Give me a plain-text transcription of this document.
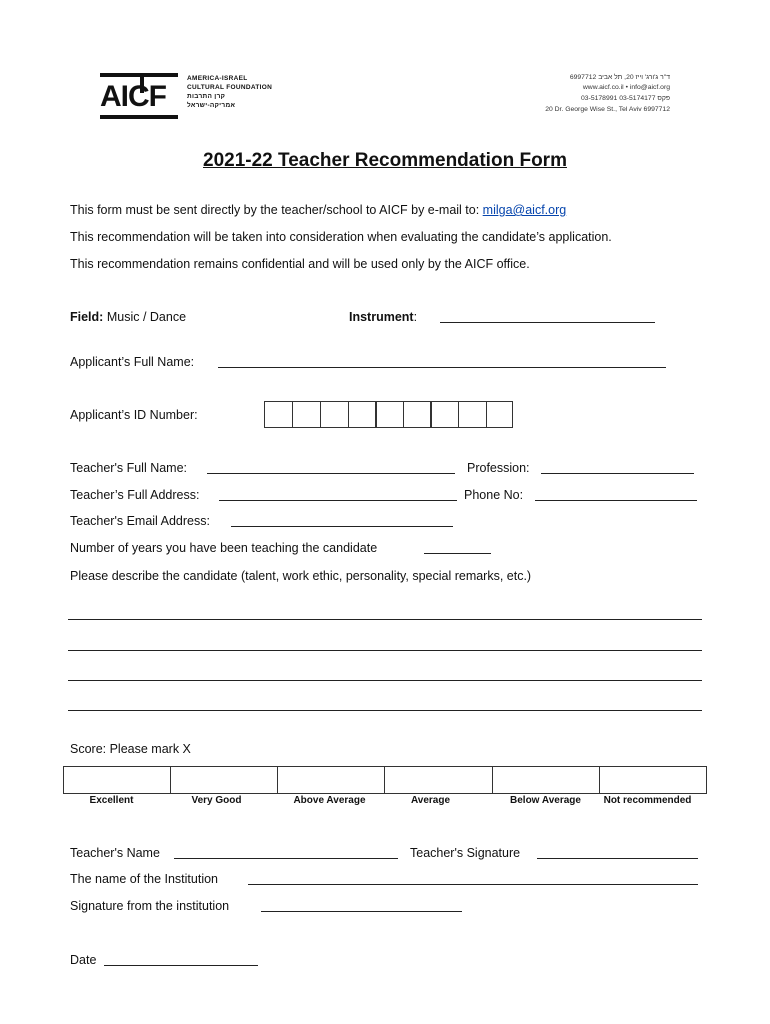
AICF
AMERICA-ISRAEL
CULTURAL FOUNDATION
קרן התרבות
אמריקה-ישראל
ד"ר ג'ורג' וייז 20, תל אביב 6997712
www.aicf.co.il • info@aicf.org
03-5178991 פקס 03-5174177
20 Dr. George Wise St., Tel Aviv 6997712
2021-22 Teacher Recommendation Form
This form must be sent directly by the teacher/school to AICF by e-mail to: milga@aicf.org
This recommendation will be taken into consideration when evaluating the candidate’s application.
This recommendation remains confidential and will be used only by the AICF office.
Field: Music / Dance	Instrument:
Applicant’s Full Name:
Applicant’s ID Number:
Teacher's Full Name:	Profession:
Teacher’s Full Address:	Phone No:
Teacher's Email Address:
Number of years you have been teaching the candidate
Please describe the candidate (talent, work ethic, personality, special remarks, etc.)
Score: Please mark X
Excellent	Very Good	Above Average	Average	Below Average	Not recommended
Teacher's Name	Teacher's Signature
The name of the Institution
Signature from the institution
Date
